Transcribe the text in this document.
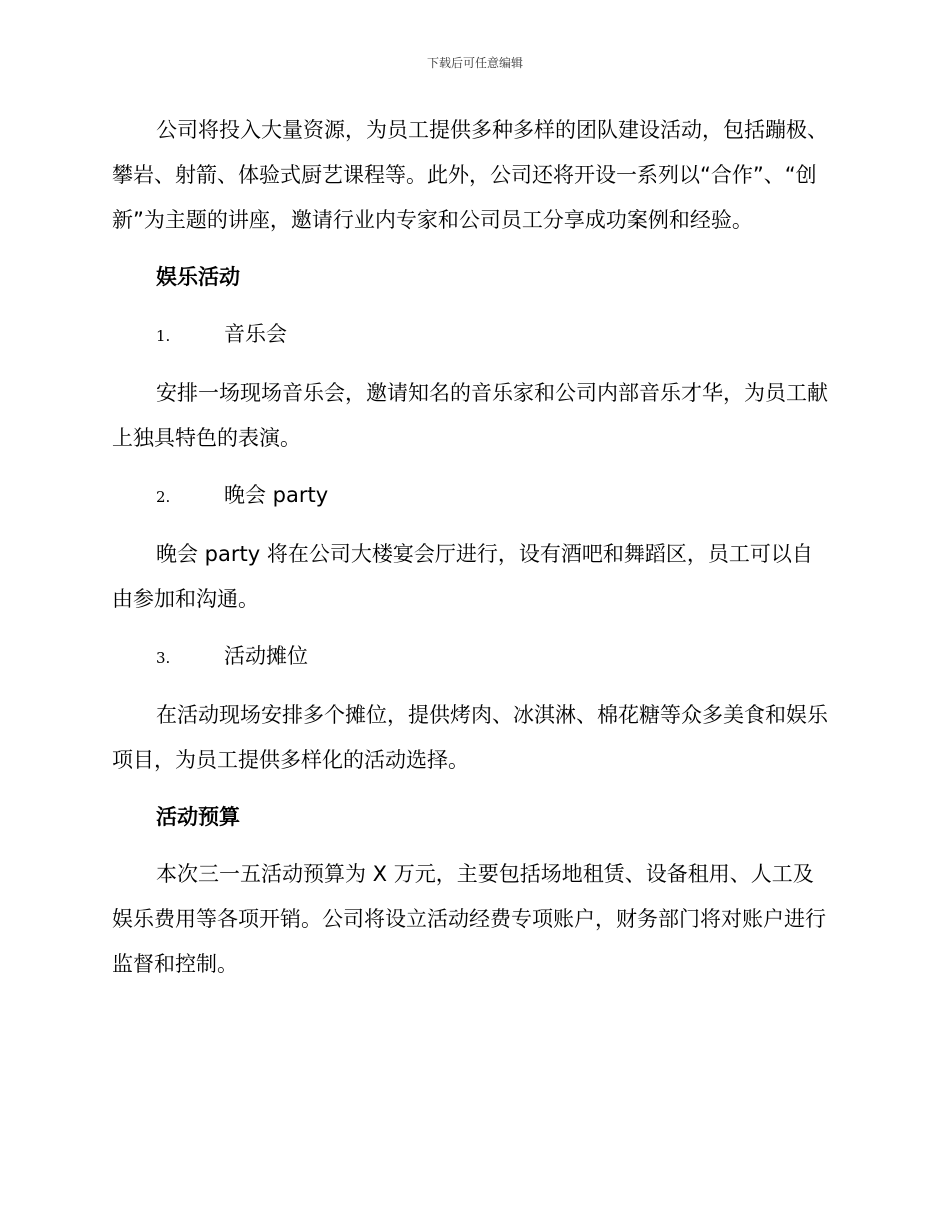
下载后可任意编辑

公司将投入大量资源，为员工提供多种多样的团队建设活动，包括蹦极、攀岩、射箭、体验式厨艺课程等。此外，公司还将开设一系列以“合作”、“创新”为主题的讲座，邀请行业内专家和公司员工分享成功案例和经验。

娱乐活动

1.	音乐会

安排一场现场音乐会，邀请知名的音乐家和公司内部音乐才华，为员工献上独具特色的表演。

2.	晚会 party

晚会 party 将在公司大楼宴会厅进行，设有酒吧和舞蹈区，员工可以自由参加和沟通。

3.	活动摊位

在活动现场安排多个摊位，提供烤肉、冰淇淋、棉花糖等众多美食和娱乐项目，为员工提供多样化的活动选择。

活动预算

本次三一五活动预算为 X 万元，主要包括场地租赁、设备租用、人工及娱乐费用等各项开销。公司将设立活动经费专项账户，财务部门将对账户进行监督和控制。
